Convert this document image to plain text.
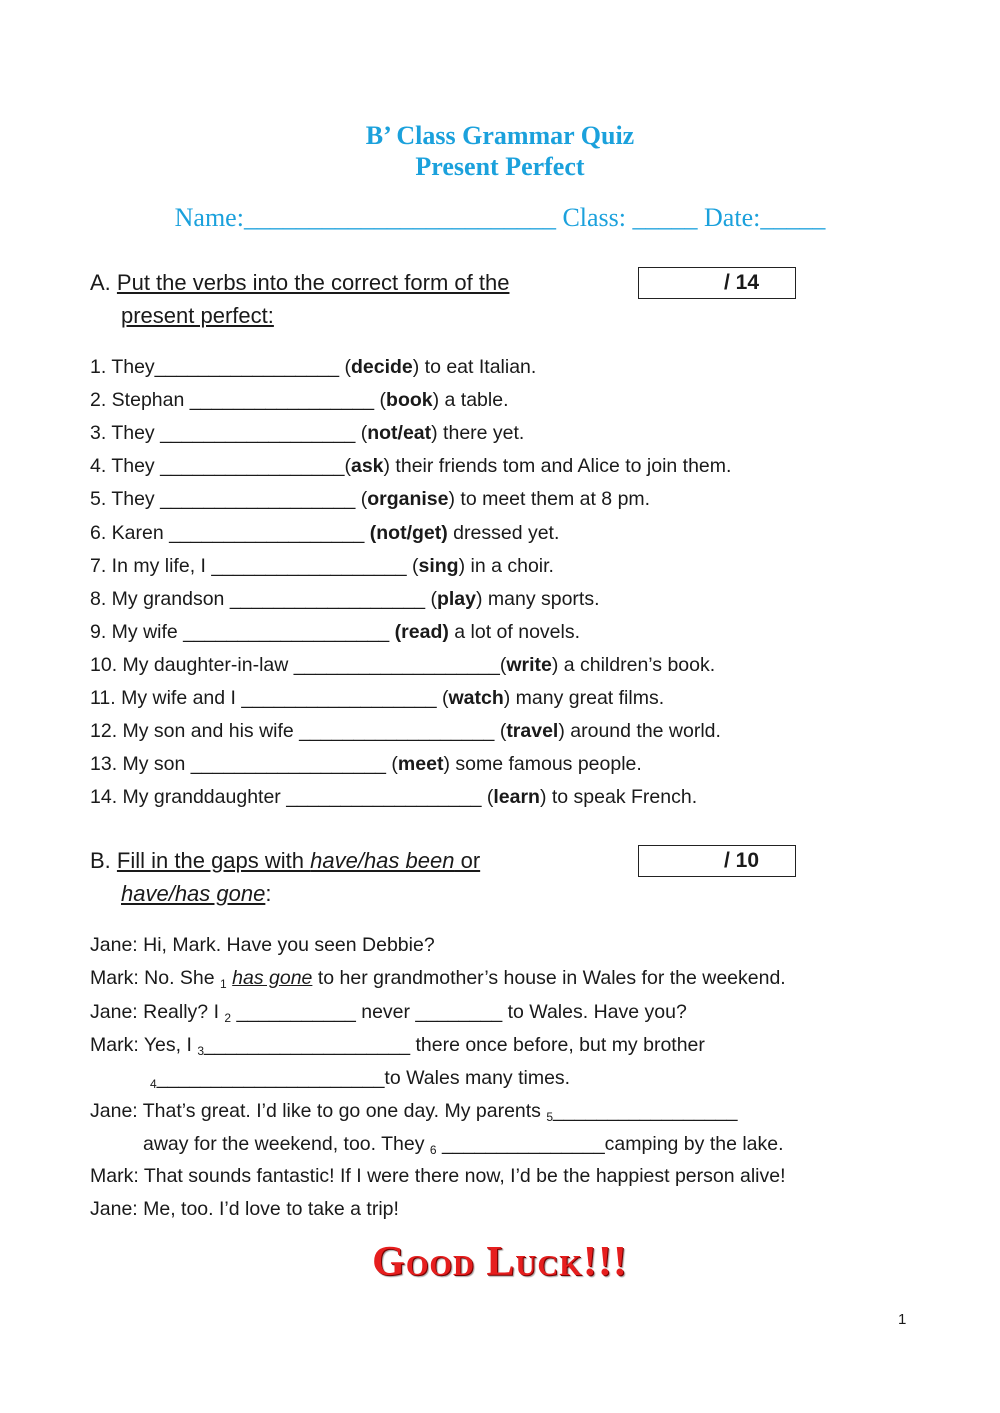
B’ Class Grammar Quiz
Present Perfect
Name:________________________ Class: _____ Date:_____
A. Put the verbs into the correct form of the
present perfect:
/ 14
1. They_________________ (decide) to eat Italian.
2. Stephan _________________ (book) a table.
3. They __________________ (not/eat) there yet.
4. They _________________(ask) their friends tom and Alice to join them.
5. They __________________ (organise) to meet them at 8 pm.
6. Karen __________________ (not/get) dressed yet.
7. In my life, I __________________ (sing) in a choir.
8. My grandson __________________ (play) many sports.
9. My wife ___________________ (read) a lot of novels.
10. My daughter-in-law ___________________(write) a children’s book.
11. My wife and I __________________ (watch) many great films.
12. My son and his wife __________________ (travel) around the world.
13. My son __________________ (meet) some famous people.
14. My granddaughter __________________ (learn) to speak French.
B. Fill in the gaps with have/has been or
have/has gone:
/ 10
Jane: Hi, Mark. Have you seen Debbie?
Mark: No. She $_1$ has gone to her grandmother’s house in Wales for the weekend.
Jane: Really? I $_2$ ___________ never ________ to Wales. Have you?
Mark: Yes, I $_3$___________________ there once before, but my brother
$_4$_____________________to Wales many times.
Jane: That’s great. I’d like to go one day. My parents $_5$_________________
away for the weekend, too. They $_6$ _______________camping by the lake.
Mark: That sounds fantastic! If I were there now, I’d be the happiest person alive!
Jane: Me, too. I’d love to take a trip!
Good Luck!!!
1
